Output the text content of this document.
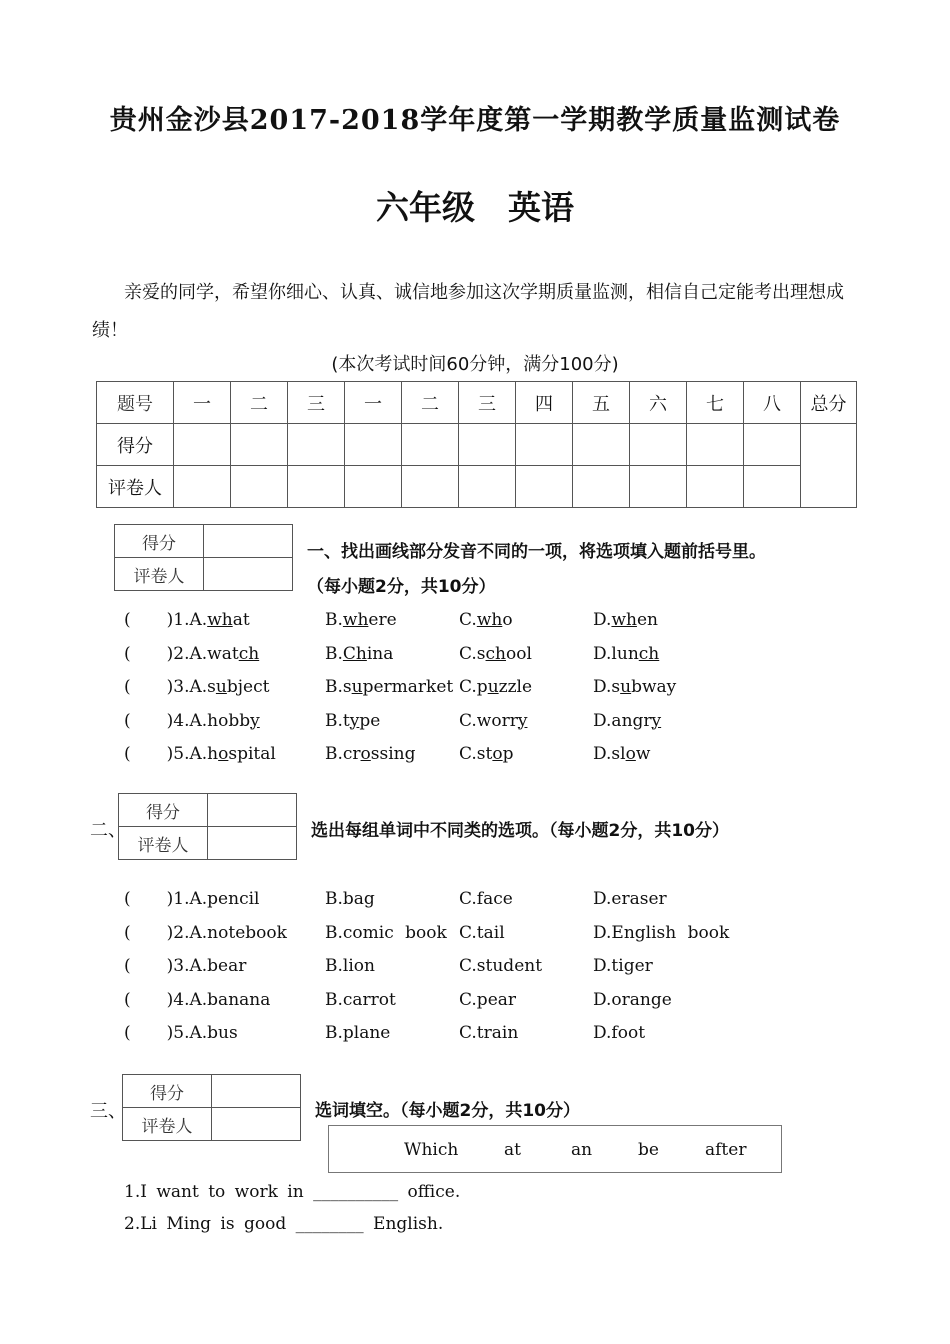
贵州金沙县2017-2018学年度第一学期教学质量监测试卷
六年级　英语
亲爱的同学，希望你细心、认真、诚信地参加这次学期质量监测，相信自己定能考出理想成绩！
(本次考试时间60分钟，满分100分)
题号	一	二	三	一	二	三	四	五	六	七	八	总分
得分												
评卷人												
得分	
评卷人	
一、找出画线部分发音不同的一项，将选项填入题前括号里。
（每小题2分，共10分）
( )1.A.what	B.where	C.who	D.when
( )2.A.watch	B.China	C.school	D.lunch
( )3.A.subject	B.supermarket C.puzzle	D.subway
( )4.A.hobby	B.type	C.worry	D.angry
( )5.A.hospital	B.crossing	C.stop	D.slow
二、
得分	
评卷人	
选出每组单词中不同类的选项。（每小题2分，共10分）
( )1.A.pencil	B.bag	C.face	D.eraser
( )2.A.notebook B.comic book C.tail	D.English book
( )3.A.bear	B.lion	C.student	D.tiger
( )4.A.banana	B.carrot	C.pear	D.orange
( )5.A.bus	B.plane	C.train	D.foot
三、
得分	
评卷人	
选词填空。（每小题2分，共10分）
Which	at	an	be	after
1.I want to work in __________ office.
2.Li Ming is good ________ English.
